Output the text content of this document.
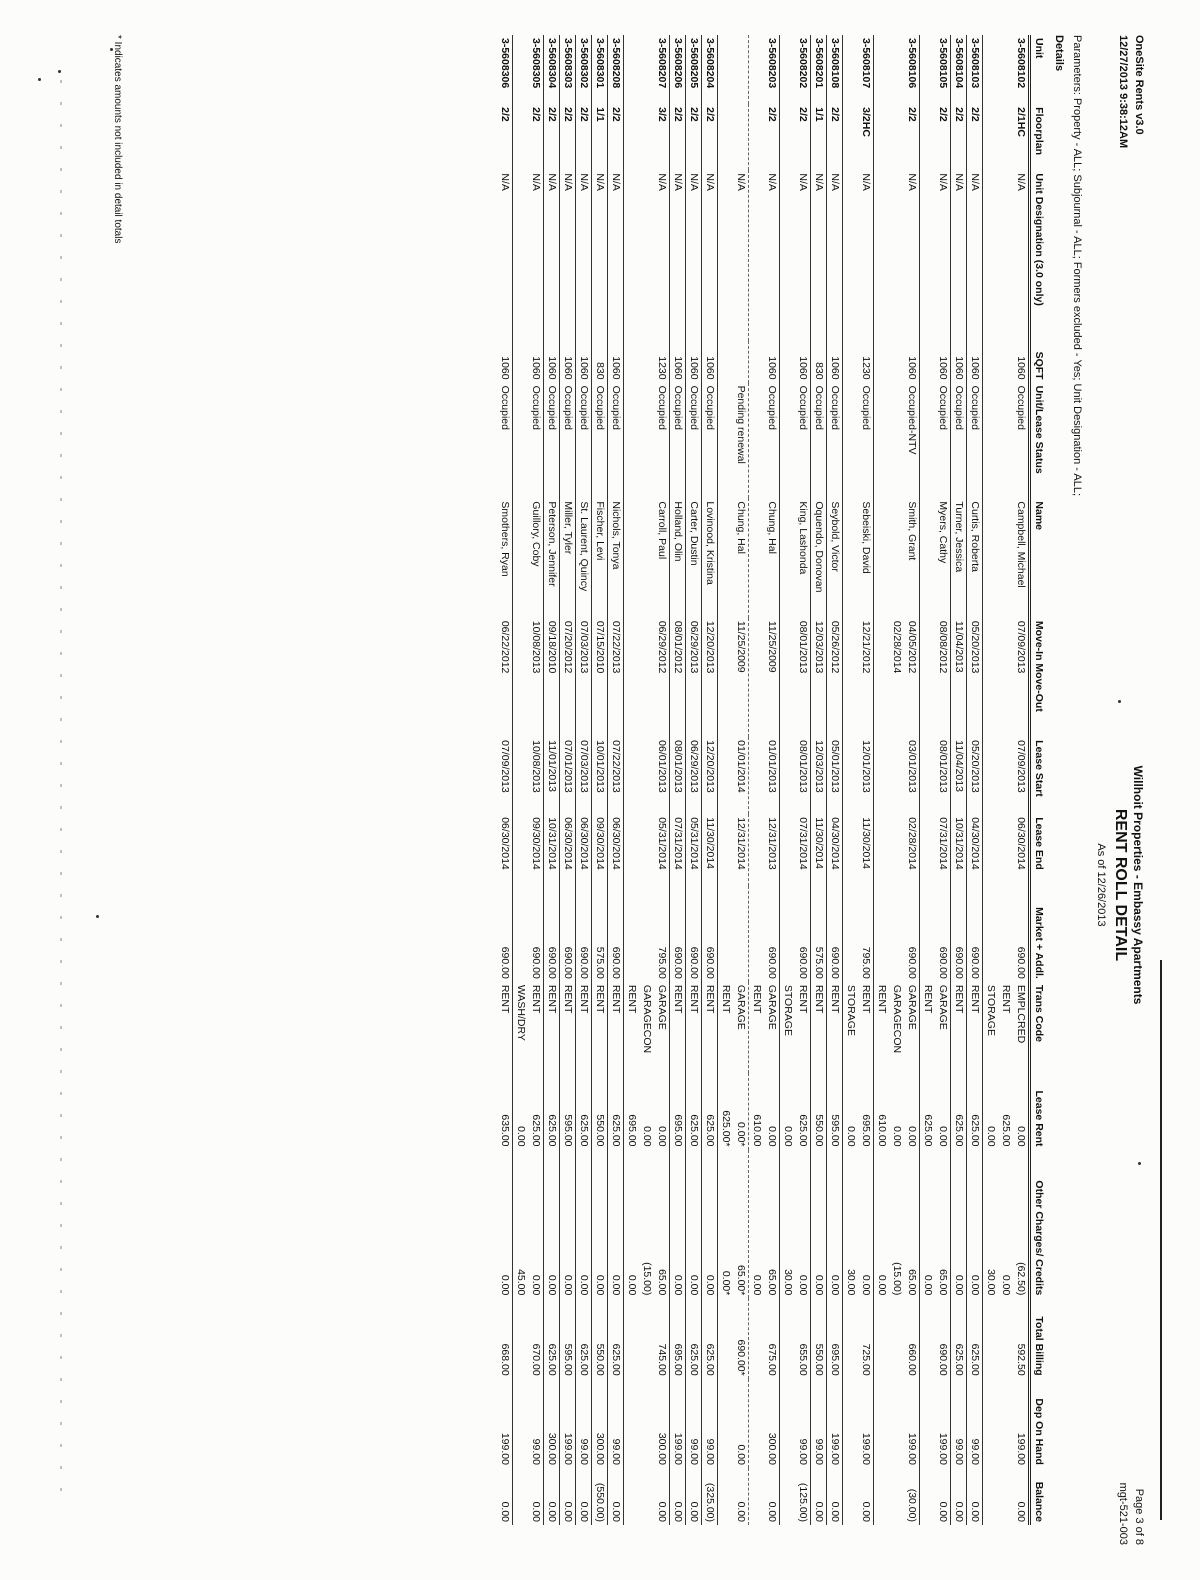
OneSite Rents v3.0
12/27/2013 9:38:12AM
Willhoit Properties - Embassy Apartments
RENT ROLL DETAIL
As of 12/26/2013
Page 3 of 8
mgt-521-003
Parameters: Property - ALL; Subjournal - ALL; Formers excluded - Yes; Unit Designation - ALL;
Details
Unit	Floorplan	Unit Designation (3.0 only)	SQFT	Unit/Lease Status	Name	Move-In Move-Out	Lease Start	Lease End	Market + Addl.	Trans Code	Lease Rent	Other Charges/ Credits	Total Billing	Dep On Hand	Balance
3-5608102	2/1HC	N/A	1060	Occupied	Campbell, Michael	07/09/2013	07/09/2013	06/30/2014	690.00	EMPLCRED	0.00	(62.50)	592.50	199.00	0.00
										RENT	625.00	0.00			
										STORAGE	0.00	30.00			
3-5608103	2/2	N/A	1060	Occupied	Curtis, Roberta	05/20/2013	05/20/2013	04/30/2014	690.00	RENT	625.00	0.00	625.00	99.00	0.00
3-5608104	2/2	N/A	1060	Occupied	Turner, Jessica	11/04/2013	11/04/2013	10/31/2014	690.00	RENT	625.00	0.00	625.00	99.00	0.00
3-5608105	2/2	N/A	1060	Occupied	Myers, Cathy	08/08/2012	08/01/2013	07/31/2014	690.00	GARAGE	0.00	65.00	690.00	199.00	0.00
										RENT	625.00	0.00			
3-5608106	2/2	N/A	1060	Occupied-NTV	Smith, Grant	04/05/2012	03/01/2013	02/28/2014	690.00	GARAGE	0.00	65.00	660.00	199.00	(30.00)
						02/28/2014				GARAGECON	0.00	(15.00)			
										RENT	610.00	0.00			
3-5608107	3/2HC	N/A	1230	Occupied	Sebeiski, David	12/21/2012	12/01/2013	11/30/2014	795.00	RENT	695.00	0.00	725.00	199.00	0.00
										STORAGE	0.00	30.00			
3-5608108	2/2	N/A	1060	Occupied	Seybold, Victor	05/26/2012	05/01/2013	04/30/2014	690.00	RENT	595.00	0.00	695.00	199.00	0.00
3-5608201	1/1	N/A	830	Occupied	Oquendo, Donovan	12/03/2013	12/03/2013	11/30/2014	575.00	RENT	550.00	0.00	550.00	99.00	0.00
3-5608202	2/2	N/A	1060	Occupied	King, Lashonda	08/01/2013	08/01/2013	07/31/2014	690.00	RENT	625.00	0.00	655.00	99.00	(125.00)
										STORAGE	0.00	30.00			
3-5608203	2/2	N/A	1060	Occupied	Chung, Hal	11/25/2009	01/01/2013	12/31/2013	690.00	GARAGE	0.00	65.00	675.00	300.00	0.00
										RENT	610.00	0.00			
		N/A		Pending renewal	Chung, Hal	11/25/2009	01/01/2014	12/31/2014		GARAGE	0.00*	65.00*	690.00*	0.00	0.00
										RENT	625.00*	0.00*			
3-5608204	2/2	N/A	1060	Occupied	Lovinood, Kristina	12/20/2013	12/20/2013	11/30/2014	690.00	RENT	625.00	0.00	625.00	99.00	(325.00)
3-5608205	2/2	N/A	1060	Occupied	Carter, Dustin	06/29/2013	06/29/2013	05/31/2014	690.00	RENT	625.00	0.00	625.00	99.00	0.00
3-5608206	2/2	N/A	1060	Occupied	Holland, Olin	08/01/2012	08/01/2013	07/31/2014	690.00	RENT	695.00	0.00	695.00	199.00	0.00
3-5608207	3/2	N/A	1230	Occupied	Carroll, Paul	06/29/2012	06/01/2013	05/31/2014	795.00	GARAGE	0.00	65.00	745.00	300.00	0.00
										GARAGECON	0.00	(15.00)			
										RENT	695.00	0.00			
3-5608208	2/2	N/A	1060	Occupied	Nichols, Tonya	07/22/2013	07/22/2013	06/30/2014	690.00	RENT	625.00	0.00	625.00	99.00	0.00
3-5608301	1/1	N/A	830	Occupied	Fischer, Levi	07/15/2010	10/01/2013	09/30/2014	575.00	RENT	550.00	0.00	550.00	300.00	(550.00)
3-5608302	2/2	N/A	1060	Occupied	St. Laurent, Quincy	07/03/2013	07/03/2013	06/30/2014	690.00	RENT	625.00	0.00	625.00	99.00	0.00
3-5608303	2/2	N/A	1060	Occupied	Miller, Tyler	07/20/2012	07/01/2013	06/30/2014	690.00	RENT	595.00	0.00	595.00	199.00	0.00
3-5608304	2/2	N/A	1060	Occupied	Peterson, Jennifer	09/18/2010	11/01/2013	10/31/2014	690.00	RENT	625.00	0.00	625.00	300.00	0.00
3-5608305	2/2	N/A	1060	Occupied	Guillory, Coby	10/08/2013	10/08/2013	09/30/2014	690.00	RENT	625.00	0.00	670.00	99.00	0.00
										WASH/DRY	0.00	45.00			
3-5608306	2/2	N/A	1060	Occupied	Smothers, Ryan	06/22/2012	07/09/2013	06/30/2014	690.00	RENT	635.00	0.00	668.00	199.00	0.00
* Indicates amounts not included in detail totals
